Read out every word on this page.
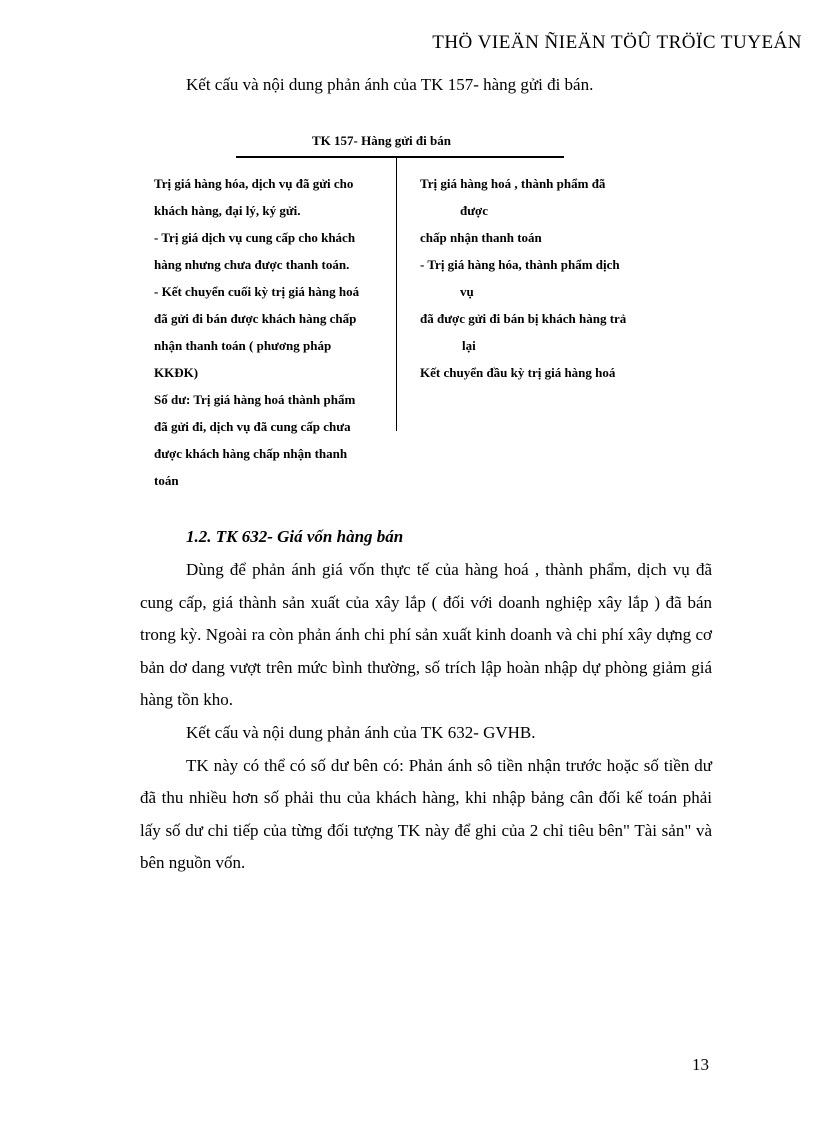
THÖ VIEÄN ÑIEÄN TÖÛ TRÖÏC TUYEÁN
Kết cấu và nội dung phản ánh của TK 157- hàng gửi đi bán.
TK 157- Hàng gửi đi bán
Trị giá hàng hóa, dịch vụ đã gửi cho
khách hàng, đại lý, ký gửi.
- Trị giá dịch vụ cung cấp cho khách
hàng nhưng chưa được thanh toán.
- Kết chuyển cuối kỳ trị giá hàng hoá
đã gửi đi bán được khách hàng chấp
nhận thanh toán ( phương pháp
KKĐK)
Số dư: Trị giá hàng hoá thành phẩm
đã gửi đi, dịch vụ đã cung cấp chưa
được khách hàng chấp nhận thanh
toán
Trị giá hàng hoá , thành phẩm đã
được
chấp nhận thanh toán
- Trị giá hàng hóa, thành phẩm dịch
vụ
đã được gửi đi bán bị khách hàng trả
lại
Kết chuyển đầu kỳ trị giá hàng hoá
1.2. TK 632- Giá vốn hàng bán

Dùng để phản ánh giá vốn thực tế của hàng hoá , thành phẩm, dịch vụ đã cung cấp, giá thành sản xuất của xây lắp ( đối với doanh nghiệp xây lắp ) đã bán trong kỳ. Ngoài ra còn phản ánh chi phí sản xuất kinh doanh và chi phí xây dựng cơ bản dơ dang vượt trên mức bình thường, số trích lập hoàn nhập dự phòng giảm giá hàng tồn kho.

Kết cấu và nội dung phản ánh của TK 632- GVHB.

TK này có thể có số dư bên có: Phản ánh sô tiền nhận trước hoặc số tiền dư đã thu nhiều hơn số phải thu của khách hàng, khi nhập bảng cân đối kế toán phải lấy số dư chi tiếp của từng đối tượng TK này để ghi của 2 chỉ tiêu bên" Tài sản" và bên nguồn vốn.

13
